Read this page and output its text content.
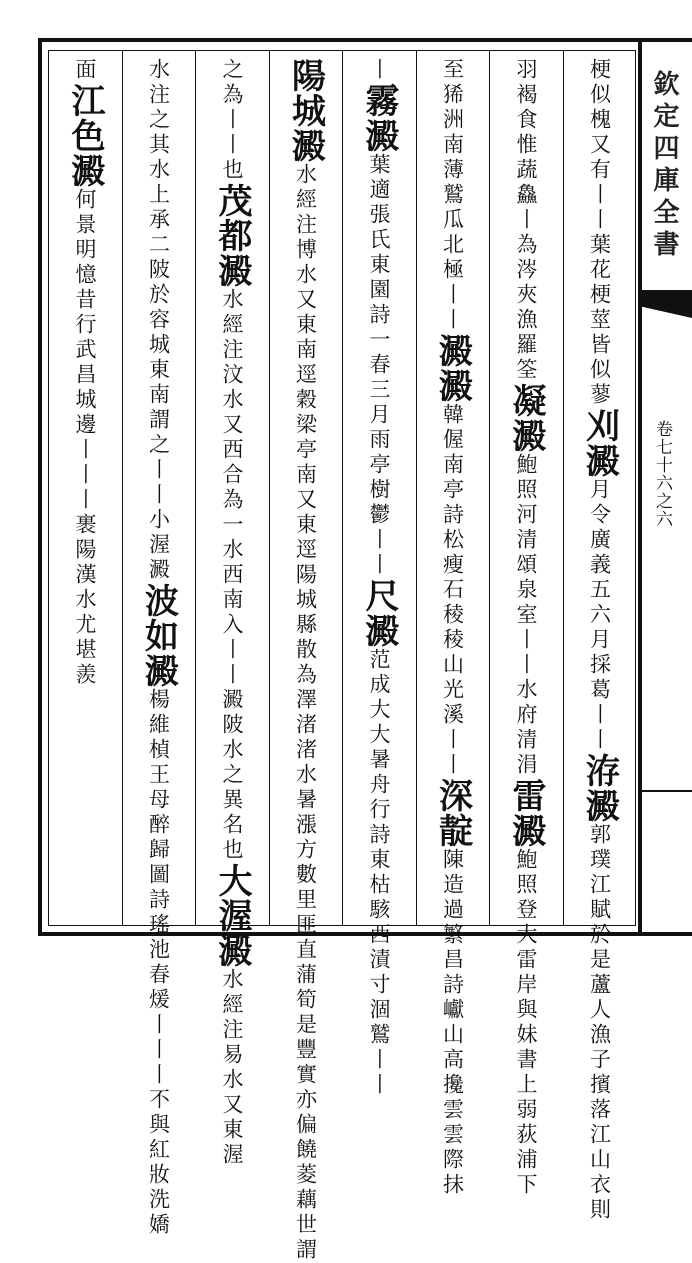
欽定四庫全書
卷七十六之六
梗似槐又有丨丨葉花梗莖皆似蓼刈澱月令廣義五六月採葛丨丨洊澱郭璞江賦於是蘆人漁子擯落江山衣則
羽褐食惟蔬鱻丨為涔夾漁羅筌凝澱鮑照河清頌泉室丨丨水府清涓雷澱鮑照登大雷岸與妹書上弱荻浦下
至狶洲南薄鷲瓜北極丨丨澱澱韓偓南亭詩松瘦石稜稜山光溪丨丨深靛陳造過繁昌詩巘山高攙雲雲際抹
丨霧澱葉適張氏東園詩一春三月雨亭樹鬱丨丨尺澱范成大大暑舟行詩東枯駭西漬寸涸鷲丨丨
陽城澱水經注博水又東南逕穀梁亭南又東逕陽城縣散為澤渚渚水暑漲方數里匪直蒲筍是豐實亦偏饒菱藕世謂
之為丨丨也茂都澱水經注汶水又西合為一水西南入丨丨澱陂水之異名也大渥澱水經注易水又東渥
水注之其水上承二陂於容城東南謂之丨丨小渥澱波如澱楊維楨王母醉歸圖詩瑤池春煖丨丨丨不與紅妝洗嬌
面江色澱何景明憶昔行武昌城邊丨丨丨裹陽漢水尤堪羨
